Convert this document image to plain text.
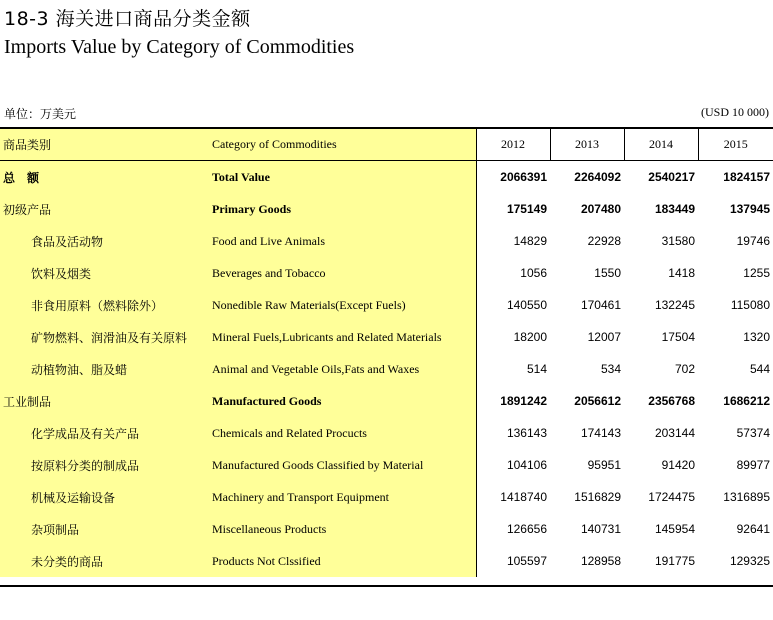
18-3 海关进口商品分类金额
Imports Value by Category of Commodities
单位：万美元	(USD 10 000)
商品类别	Category of Commodities	2012	2013	2014	2015
总　额	Total Value	2066391	2264092	2540217	1824157
初级产品	Primary Goods	175149	207480	183449	137945
食品及活动物	Food and Live Animals	14829	22928	31580	19746
饮料及烟类	Beverages and Tobacco	1056	1550	1418	1255
非食用原料（燃料除外）	Nonedible Raw Materials(Except Fuels)	140550	170461	132245	115080
矿物燃料、润滑油及有关原料	Mineral Fuels,Lubricants and Related Materials	18200	12007	17504	1320
动植物油、脂及蜡	Animal and Vegetable Oils,Fats and Waxes	514	534	702	544
工业制品	Manufactured Goods	1891242	2056612	2356768	1686212
化学成品及有关产品	Chemicals and Related Procucts	136143	174143	203144	57374
按原料分类的制成品	Manufactured Goods Classified by Material	104106	95951	91420	89977
机械及运输设备	Machinery and Transport Equipment	1418740	1516829	1724475	1316895
杂项制品	Miscellaneous Products	126656	140731	145954	92641
未分类的商品	Products Not Clssified	105597	128958	191775	129325
